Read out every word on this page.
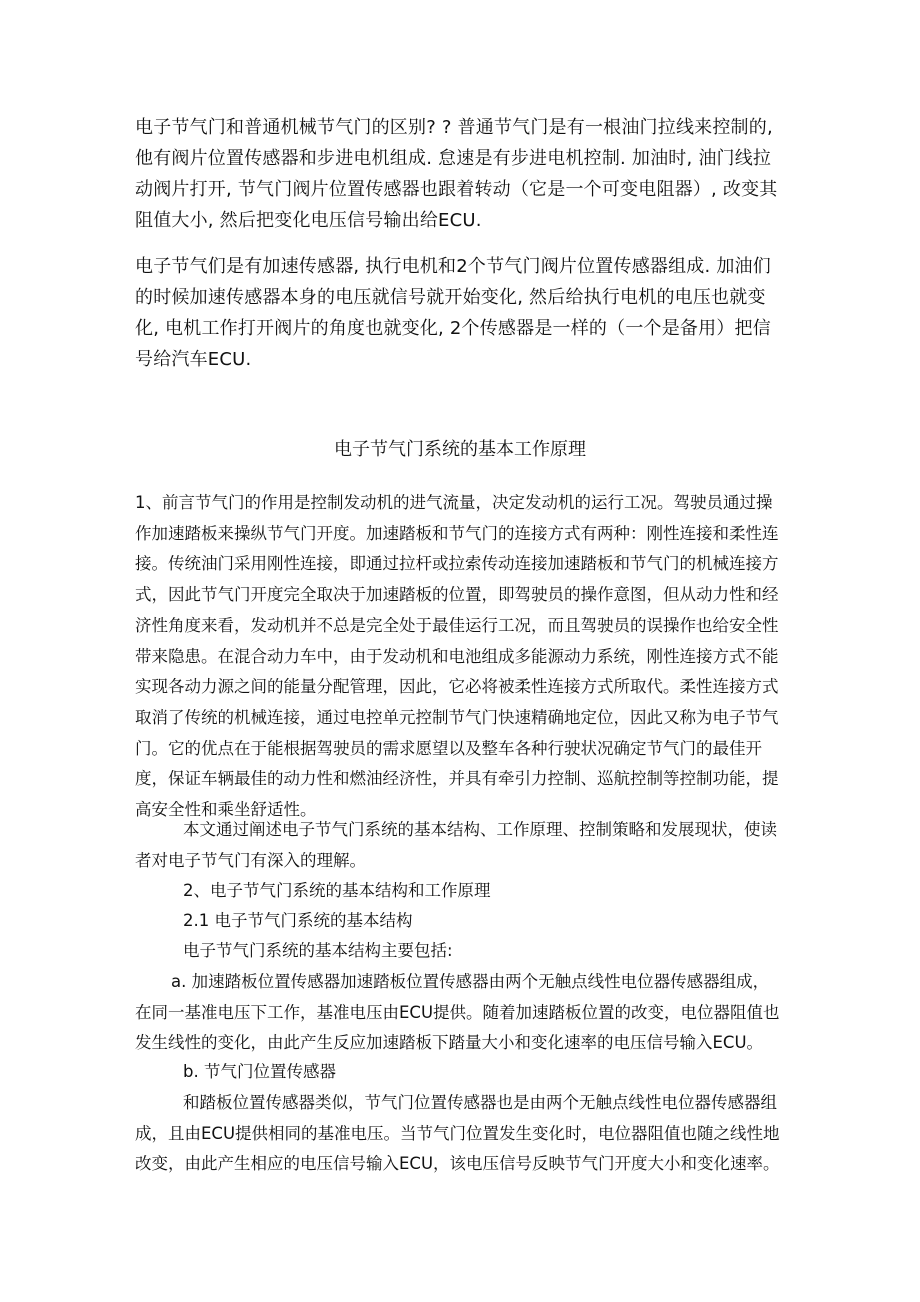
电子节气门和普通机械节气门的区别? ? 普通节气门是有一根油门拉线来控制的, 他有阀片位置传感器和步进电机组成. 怠速是有步进电机控制. 加油时, 油门线拉动阀片打开, 节气门阀片位置传感器也跟着转动（它是一个可变电阻器）, 改变其阻值大小, 然后把变化电压信号输出给ECU.

电子节气们是有加速传感器, 执行电机和2个节气门阀片位置传感器组成. 加油们的时候加速传感器本身的电压就信号就开始变化, 然后给执行电机的电压也就变化, 电机工作打开阀片的角度也就变化, 2个传感器是一样的（一个是备用）把信号给汽车ECU.

电子节气门系统的基本工作原理

1、前言节气门的作用是控制发动机的进气流量，决定发动机的运行工况。驾驶员通过操作加速踏板来操纵节气门开度。加速踏板和节气门的连接方式有两种：刚性连接和柔性连接。传统油门采用刚性连接，即通过拉杆或拉索传动连接加速踏板和节气门的机械连接方式，因此节气门开度完全取决于加速踏板的位置，即驾驶员的操作意图，但从动力性和经济性角度来看，发动机并不总是完全处于最佳运行工况，而且驾驶员的误操作也给安全性带来隐患。在混合动力车中，由于发动机和电池组成多能源动力系统，刚性连接方式不能实现各动力源之间的能量分配管理，因此，它必将被柔性连接方式所取代。柔性连接方式取消了传统的机械连接，通过电控单元控制节气门快速精确地定位，因此又称为电子节气门。它的优点在于能根据驾驶员的需求愿望以及整车各种行驶状况确定节气门的最佳开度，保证车辆最佳的动力性和燃油经济性，并具有牵引力控制、巡航控制等控制功能，提高安全性和乘坐舒适性。

本文通过阐述电子节气门系统的基本结构、工作原理、控制策略和发展现状，使读者对电子节气门有深入的理解。

2、电子节气门系统的基本结构和工作原理

2.1 电子节气门系统的基本结构

电子节气门系统的基本结构主要包括:

a. 加速踏板位置传感器加速踏板位置传感器由两个无触点线性电位器传感器组成，在同一基准电压下工作，基准电压由ECU提供。随着加速踏板位置的改变，电位器阻值也发生线性的变化，由此产生反应加速踏板下踏量大小和变化速率的电压信号输入ECU。

b. 节气门位置传感器

和踏板位置传感器类似，节气门位置传感器也是由两个无触点线性电位器传感器组成，且由ECU提供相同的基准电压。当节气门位置发生变化时，电位器阻值也随之线性地改变，由此产生相应的电压信号输入ECU，该电压信号反映节气门开度大小和变化速率。
